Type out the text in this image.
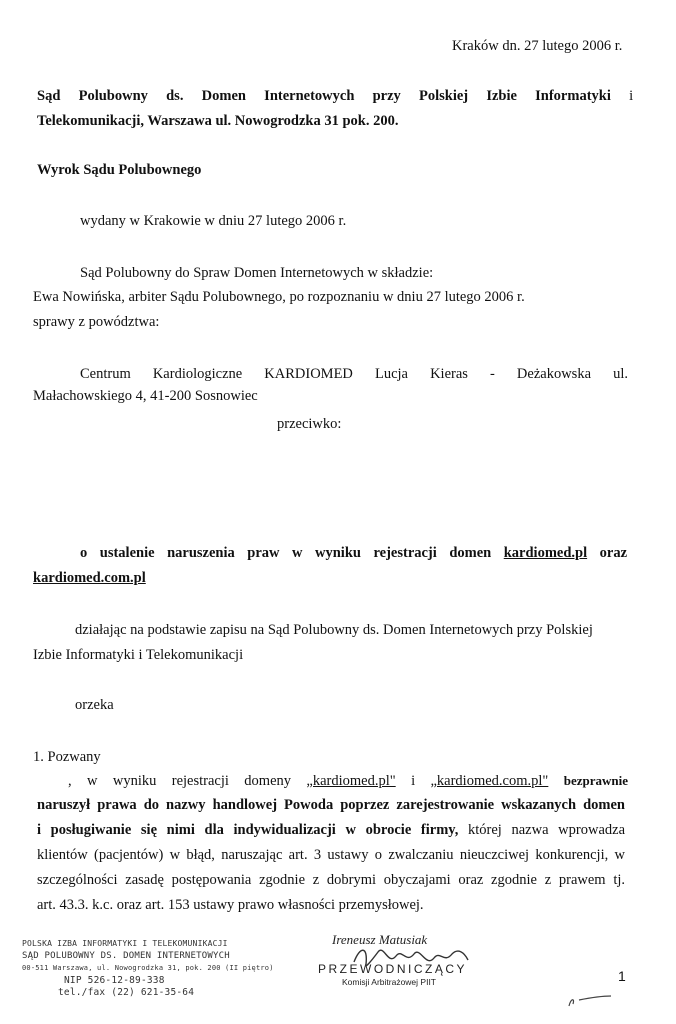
Kraków dn. 27 lutego 2006 r.
Sąd Polubowny ds. Domen Internetowych przy Polskiej Izbie Informatyki i
Telekomunikacji, Warszawa ul. Nowogrodzka 31 pok. 200.
Wyrok Sądu Polubownego
wydany w Krakowie w dniu 27 lutego 2006 r.
Sąd Polubowny do Spraw Domen Internetowych w składzie:
Ewa Nowińska, arbiter Sądu Polubownego, po rozpoznaniu w dniu 27 lutego 2006 r.
sprawy z powództwa:
Centrum Kardiologiczne KARDIOMED Lucja Kieras - Deżakowska ul.
Małachowskiego 4, 41-200 Sosnowiec
przeciwko:
o ustalenie naruszenia praw w wyniku rejestracji domen kardiomed.pl oraz
kardiomed.com.pl
działając na podstawie zapisu na Sąd Polubowny ds. Domen Internetowych przy Polskiej
Izbie Informatyki i Telekomunikacji
orzeka
1. Pozwany
, w wyniku rejestracji domeny „kardiomed.pl" i „kardiomed.com.pl" bezprawnie
naruszył prawa do nazwy handlowej Powoda poprzez zarejestrowanie wskazanych domen
i posługiwanie się nimi dla indywidualizacji w obrocie firmy, której nazwa wprowadza
klientów (pacjentów) w błąd, naruszając art. 3 ustawy o zwalczaniu nieuczciwej konkurencji, w
szczególności zasadę postępowania zgodnie z dobrymi obyczajami oraz zgodnie z prawem tj.
art. 43.3. k.c. oraz art. 153 ustawy prawo własności przemysłowej.
POLSKA IZBA INFORMATYKI I TELEKOMUNIKACJI
SĄD POLUBOWNY DS. DOMEN INTERNETOWYCH
00-511 Warszawa, ul. Nowogrodzka 31, pok. 200 (II piętro)
NIP 526-12-89-338
tel./fax (22) 621-35-64
Ireneusz Matusiak
PRZEWODNICZĄCY
Komisji Arbitrażowej PIIT	1
